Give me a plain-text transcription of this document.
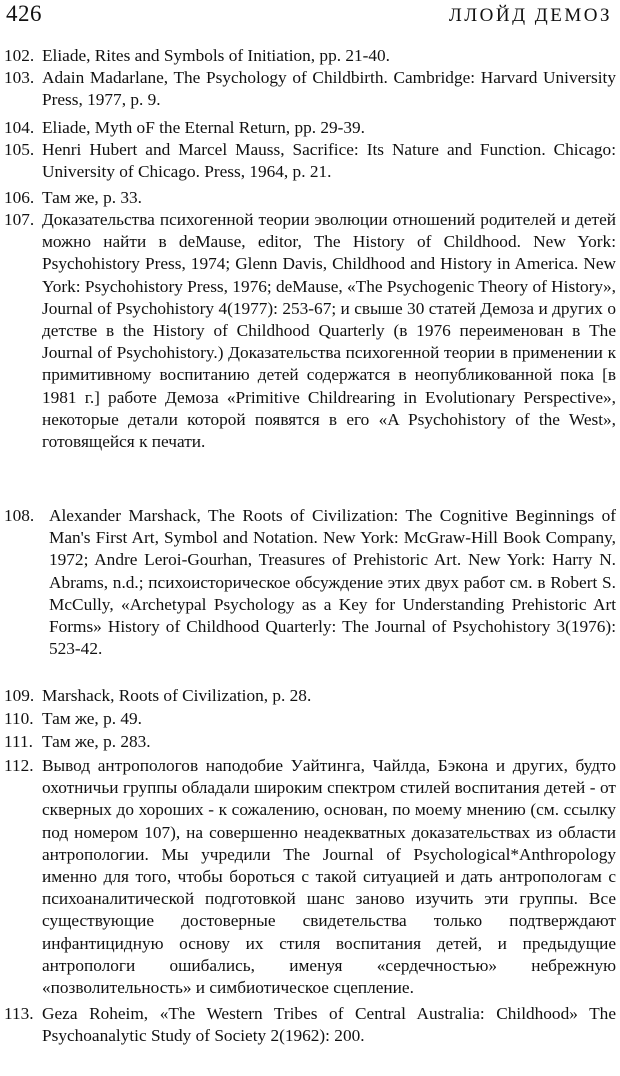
426	ЛЛОЙД ДЕМОЗ
102. Eliade, Rites and Symbols of Initiation, pp. 21-40.
103. Adain Madarlane, The Psychology of Childbirth. Cambridge: Harvard University Press, 1977, p. 9.
104. Eliade, Myth oF the Eternal Return, pp. 29-39.
105. Henri Hubert and Marcel Mauss, Sacrifice: Its Nature and Function. Chicago: University of Chicago. Press, 1964, p. 21.
106. Там же, p. 33.
107. Доказательства психогенной теории эволюции отношений родителей и детей можно найти в deMause, editor, The History of Childhood. New York: Psychohistory Press, 1974; Glenn Davis, Childhood and History in America. New York: Psychohistory Press, 1976; deMause, «The Psychogenic Theory of History», Journal of Psychohistory 4(1977): 253-67; и свыше 30 статей Демоза и других о детстве в the History of Childhood Quarterly (в 1976 переименован в The Journal of Psychohistory.) Доказательства психогенной теории в применении к примитивному воспитанию детей содержатся в неопубликованной пока [в 1981 г.] работе Демоза «Primitive Childrearing in Evolutionary Perspective», некоторые детали которой появятся в его «A Psychohistory of the West», готовящейся к печати.
108. Alexander Marshack, The Roots of Civilization: The Cognitive Beginnings of Man's First Art, Symbol and Notation. New York: McGraw-Hill Book Company, 1972; Andre Leroi-Gourhan, Treasures of Prehistoric Art. New York: Harry N. Abrams, n.d.; психоисторическое обсуждение этих двух работ см. в Robert S. McCully, «Archetypal Psychology as a Key for Understanding Prehistoric Art Forms» History of Childhood Quarterly: The Journal of Psychohistory 3(1976): 523-42.
109. Marshack, Roots of Civilization, p. 28.
110. Там же, p. 49.
111. Там же, p. 283.
112. Вывод антропологов наподобие Уайтинга, Чайлда, Бэкона и других, будто охотничьи группы обладали широким спектром стилей воспитания детей - от скверных до хороших - к сожалению, основан, по моему мнению (см. ссылку под номером 107), на совершенно неадекватных доказательствах из области антропологии. Мы учредили The Journal of Psychological*Anthropology именно для того, чтобы бороться с такой ситуацией и дать антропологам с психоаналитической подготовкой шанс заново изучить эти группы. Все существующие достоверные свидетельства только подтверждают инфантицидную основу их стиля воспитания детей, и предыдущие антропологи ошибались, именуя «сердечностью» небрежную «позволительность» и симбиотическое сцепление.
113. Geza Roheim, «The Western Tribes of Central Australia: Childhood» The Psychoanalytic Study of Society 2(1962): 200.
